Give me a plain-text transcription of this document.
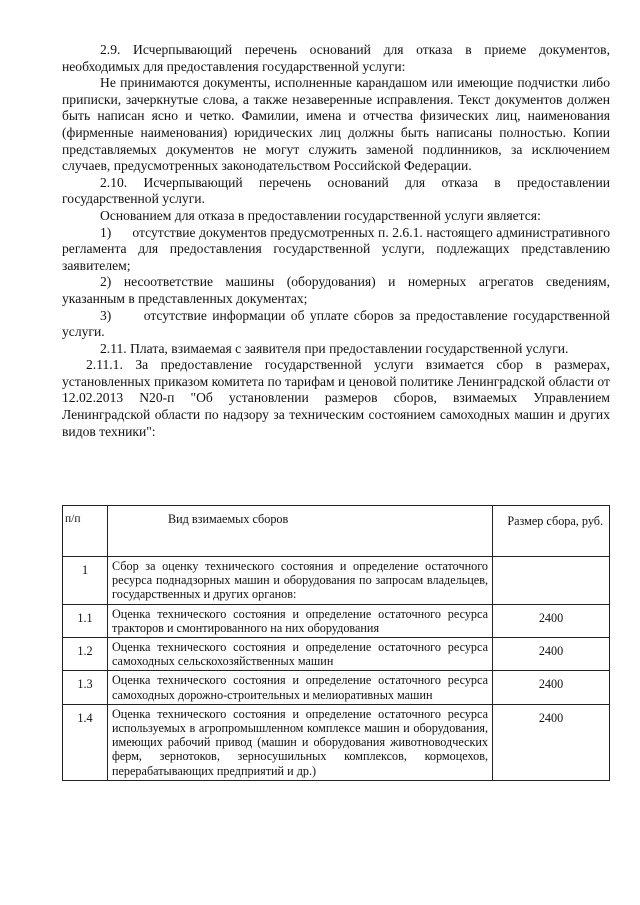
2.9. Исчерпывающий перечень оснований для отказа в приеме документов, необходимых для предоставления государственной услуги:

Не принимаются документы, исполненные карандашом или имеющие подчистки либо приписки, зачеркнутые слова, а также незаверенные исправления. Текст документов должен быть написан ясно и четко. Фамилии, имена и отчества физических лиц, наименования (фирменные наименования) юридических лиц должны быть написаны полностью. Копии представляемых документов не могут служить заменой подлинников, за исключением случаев, предусмотренных законодательством Российской Федерации.

2.10. Исчерпывающий перечень оснований для отказа в предоставлении государственной услуги.

Основанием для отказа в предоставлении государственной услуги является:

1)      отсутствие документов предусмотренных п. 2.6.1. настоящего административного регламента для предоставления государственной услуги, подлежащих представлению заявителем;

2) несоответствие машины (оборудования) и номерных агрегатов сведениям, указанным в представленных документах;

3)      отсутствие информации об уплате сборов за предоставление государственной услуги.

2.11. Плата, взимаемая с заявителя при предоставлении государственной услуги.

2.11.1. За предоставление государственной услуги взимается сбор в размерах, установленных приказом комитета по тарифам и ценовой политике Ленинградской области от 12.02.2013 N20-п "Об установлении размеров сборов, взимаемых Управлением Ленинградской области по надзору за техническим состоянием самоходных машин и других видов техники":

п/п	Вид взимаемых сборов	Размер сбора, руб.
1	Сбор за оценку технического состояния и определение остаточного ресурса поднадзорных машин и оборудования по запросам владельцев, государственных и других органов:	
1.1	Оценка технического состояния и определение остаточного ресурса тракторов и смонтированного на них оборудования	2400
1.2	Оценка технического состояния и определение остаточного ресурса самоходных сельскохозяйственных машин	2400
1.3	Оценка технического состояния и определение остаточного ресурса самоходных дорожно-строительных и мелиоративных машин	2400
1.4	Оценка технического состояния и определение остаточного ресурса используемых в агропромышленном комплексе машин и оборудования, имеющих рабочий привод (машин и оборудования животноводческих ферм, зернотоков, зерносушильных комплексов, кормоцехов, перерабатывающих предприятий и др.)	2400
